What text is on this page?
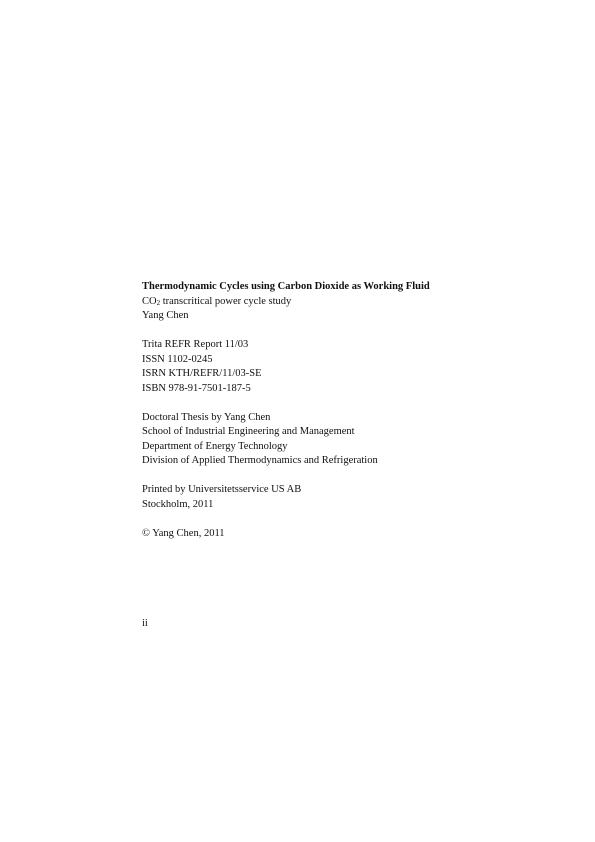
Thermodynamic Cycles using Carbon Dioxide as Working Fluid

$CO_2$ transcritical power cycle study

Yang Chen

Trita REFR Report 11/03

ISSN 1102-0245

ISRN KTH/REFR/11/03-SE

ISBN 978-91-7501-187-5

Doctoral Thesis by Yang Chen

School of Industrial Engineering and Management

Department of Energy Technology

Division of Applied Thermodynamics and Refrigeration

Printed by Universitetsservice US AB

Stockholm, 2011

© Yang Chen, 2011

ii
